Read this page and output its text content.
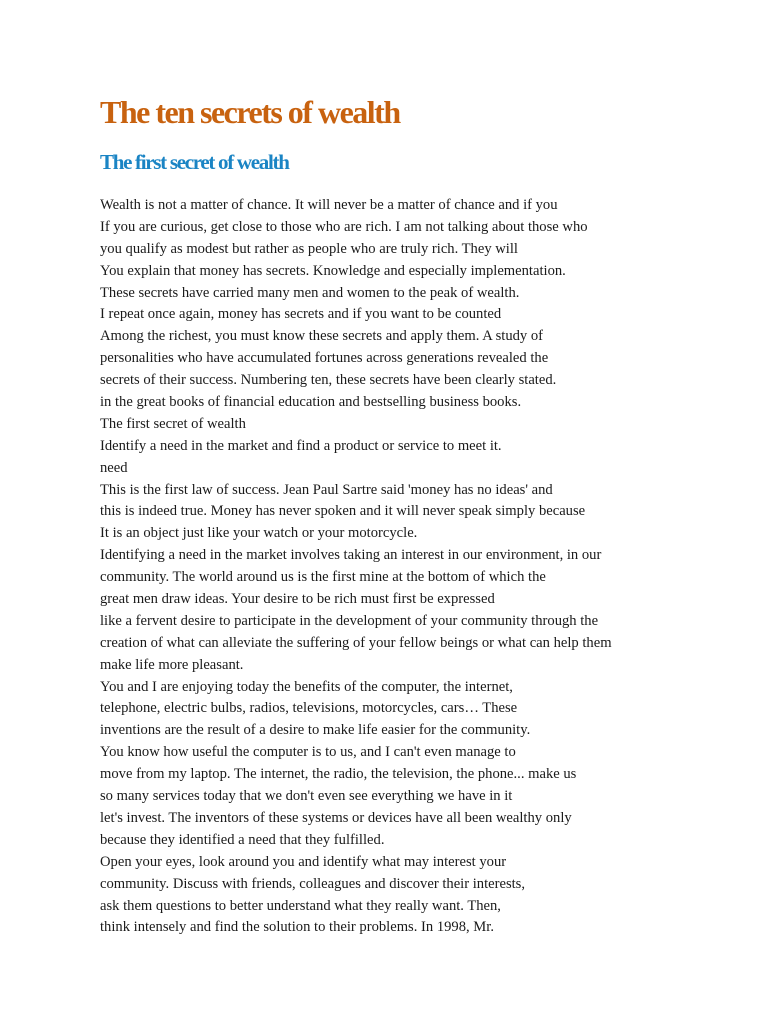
The ten secrets of wealth
The first secret of wealth
Wealth is not a matter of chance. It will never be a matter of chance and if you
If you are curious, get close to those who are rich. I am not talking about those who
you qualify as modest but rather as people who are truly rich. They will
You explain that money has secrets. Knowledge and especially implementation.
These secrets have carried many men and women to the peak of wealth.
I repeat once again, money has secrets and if you want to be counted
Among the richest, you must know these secrets and apply them. A study of
personalities who have accumulated fortunes across generations revealed the
secrets of their success. Numbering ten, these secrets have been clearly stated.
in the great books of financial education and bestselling business books.
The first secret of wealth
Identify a need in the market and find a product or service to meet it.
need
This is the first law of success. Jean Paul Sartre said 'money has no ideas' and
this is indeed true. Money has never spoken and it will never speak simply because
It is an object just like your watch or your motorcycle.
Identifying a need in the market involves taking an interest in our environment, in our
community. The world around us is the first mine at the bottom of which the
great men draw ideas. Your desire to be rich must first be expressed
like a fervent desire to participate in the development of your community through the
creation of what can alleviate the suffering of your fellow beings or what can help them
make life more pleasant.
You and I are enjoying today the benefits of the computer, the internet,
telephone, electric bulbs, radios, televisions, motorcycles, cars… These
inventions are the result of a desire to make life easier for the community.
You know how useful the computer is to us, and I can't even manage to
move from my laptop. The internet, the radio, the television, the phone... make us
so many services today that we don't even see everything we have in it
let's invest. The inventors of these systems or devices have all been wealthy only
because they identified a need that they fulfilled.
Open your eyes, look around you and identify what may interest your
community. Discuss with friends, colleagues and discover their interests,
ask them questions to better understand what they really want. Then,
think intensely and find the solution to their problems. In 1998, Mr.
